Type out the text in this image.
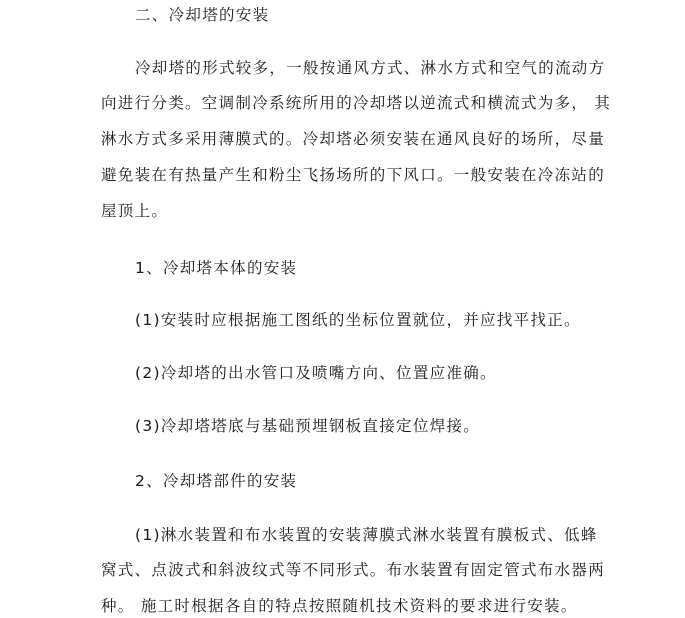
二、冷却塔的安装
冷却塔的形式较多，一般按通风方式、淋水方式和空气的流动方
向进行分类。空调制冷系统所用的冷却塔以逆流式和横流式为多， 其
淋水方式多采用薄膜式的。冷却塔必须安装在通风良好的场所，尽量
避免装在有热量产生和粉尘飞扬场所的下风口。一般安装在冷冻站的
屋顶上。
1、冷却塔本体的安装
(1)安装时应根据施工图纸的坐标位置就位，并应找平找正。
(2)冷却塔的出水管口及喷嘴方向、位置应准确。
(3)冷却塔塔底与基础预埋钢板直接定位焊接。
2、冷却塔部件的安装
(1)淋水装置和布水装置的安装薄膜式淋水装置有膜板式、低蜂
窝式、点波式和斜波纹式等不同形式。布水装置有固定管式布水器两
种。 施工时根据各自的特点按照随机技术资料的要求进行安装。
